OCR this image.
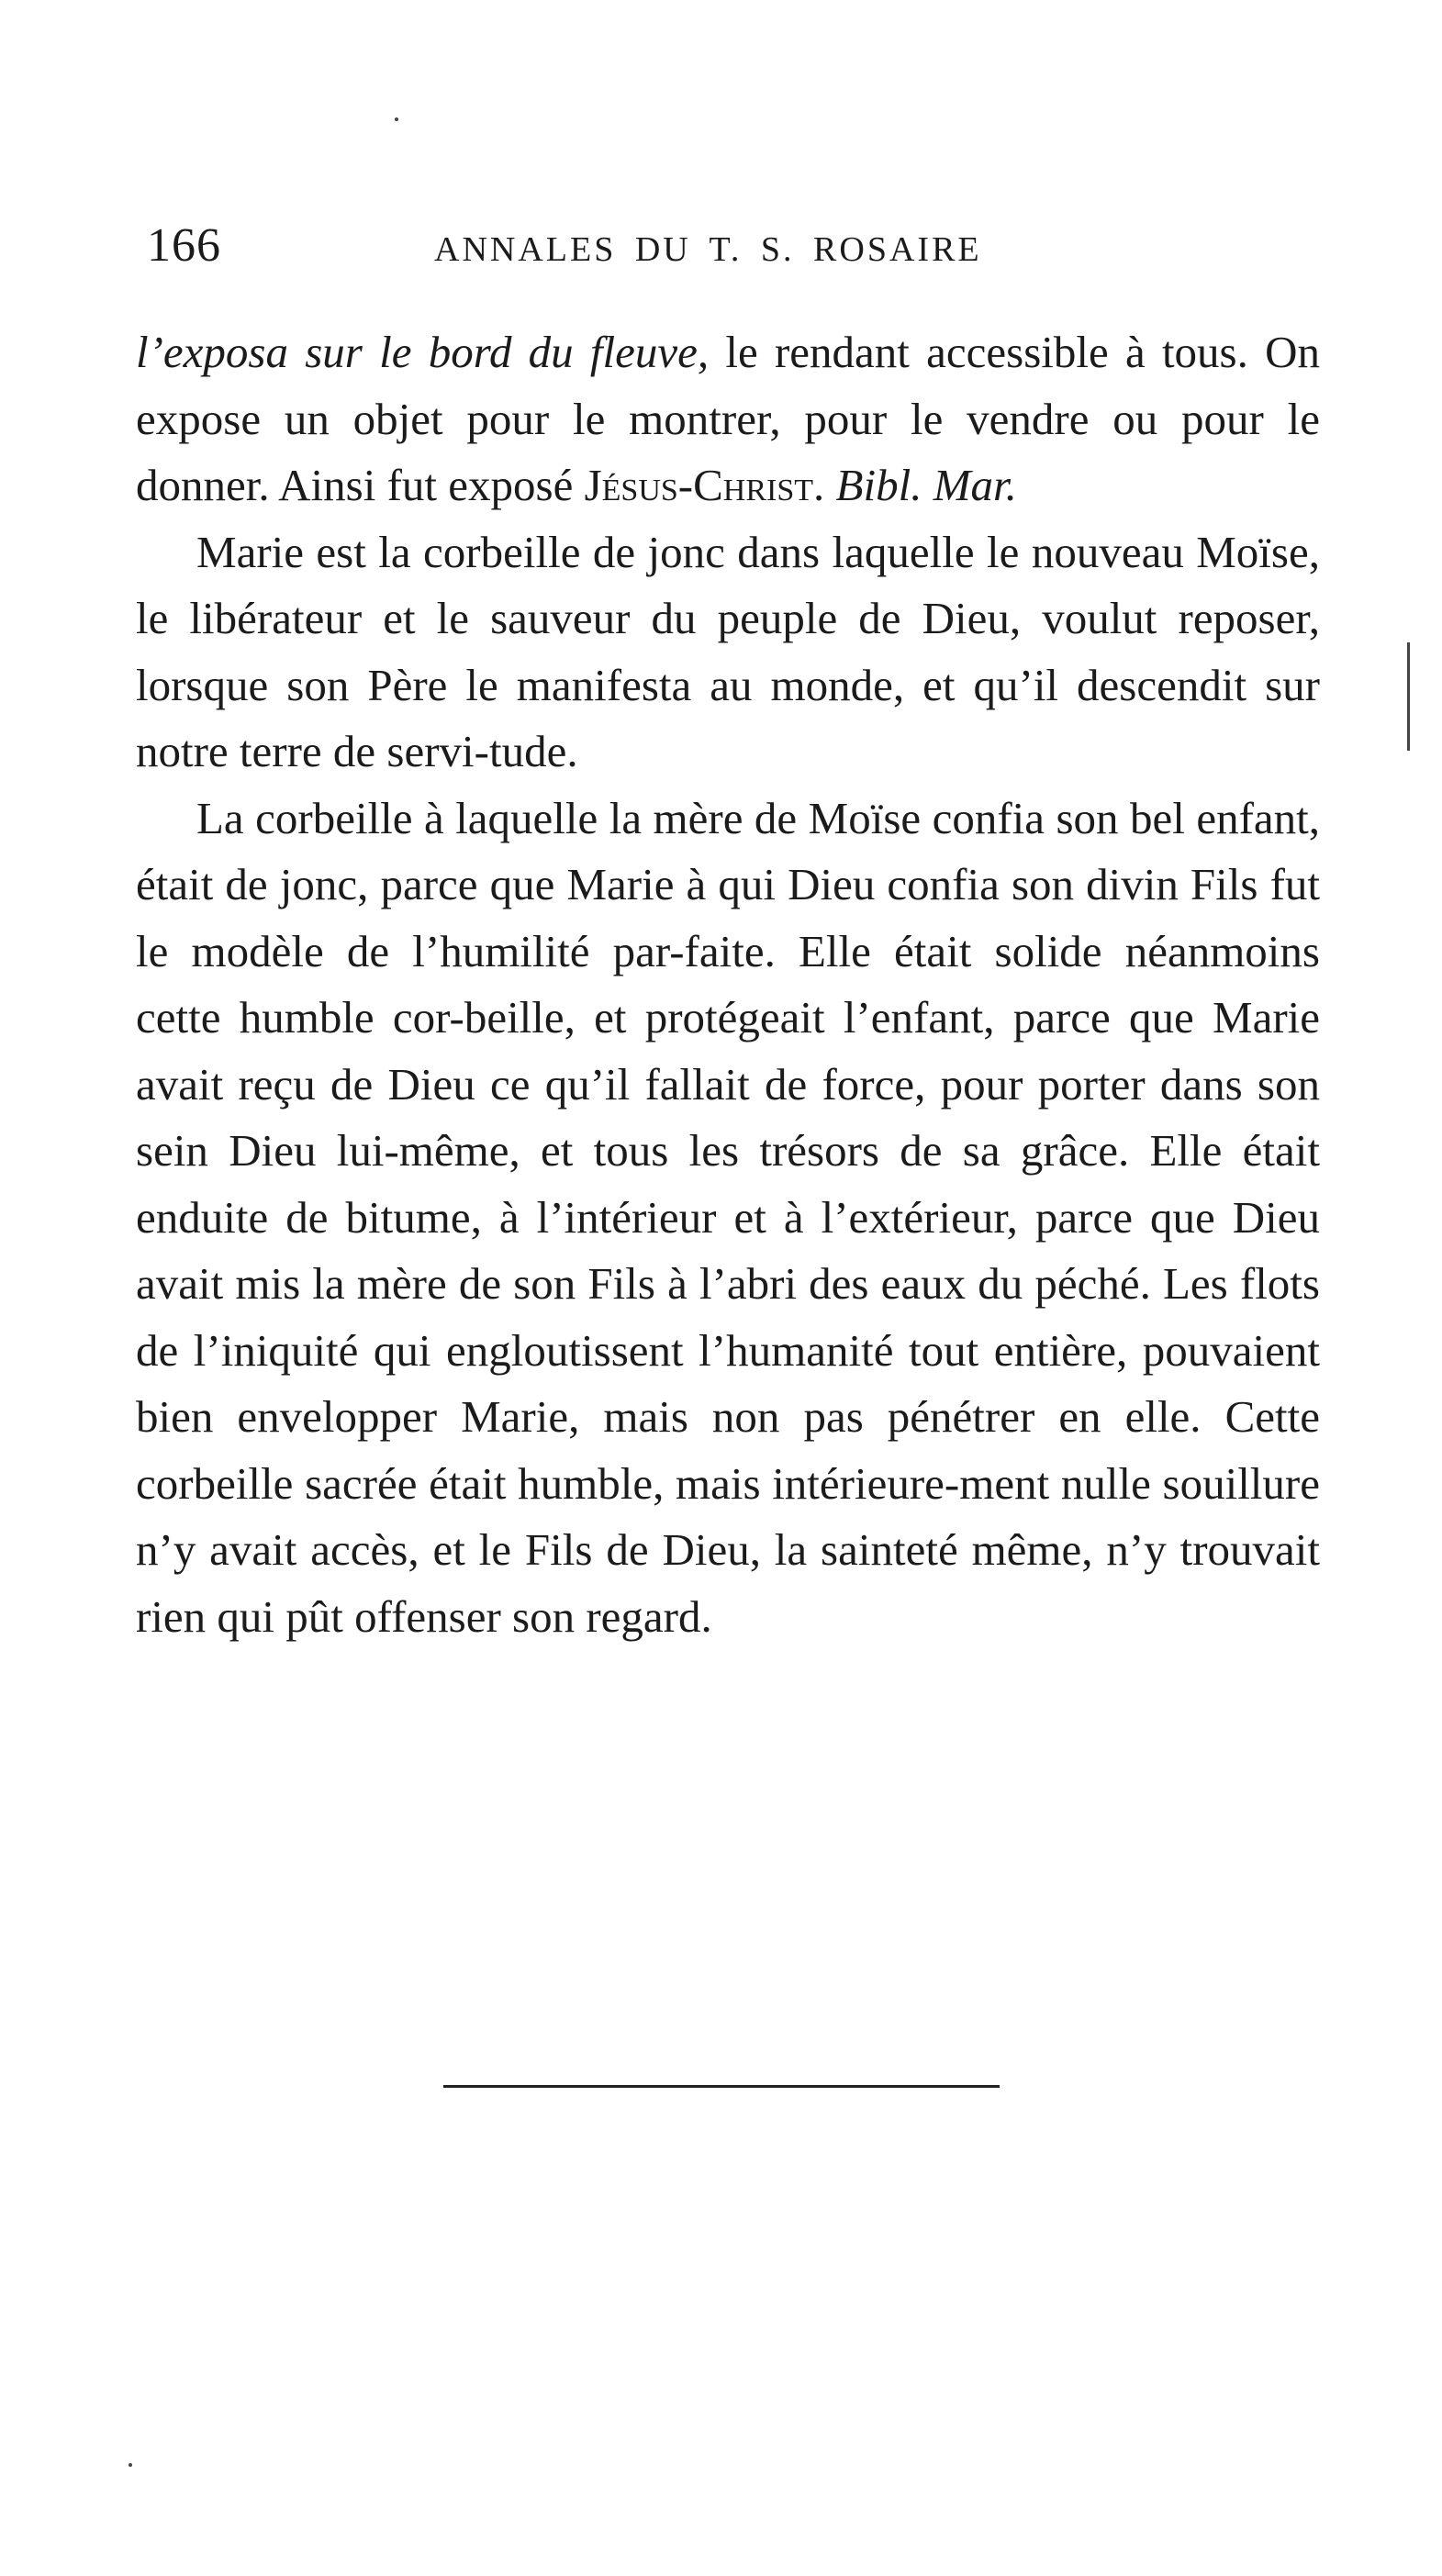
166	ANNALES DU T. S. ROSAIRE

l’exposa sur le bord du fleuve, le rendant accessible à tous. On expose un objet pour le montrer, pour le vendre ou pour le donner. Ainsi fut exposé Jésus-Christ. Bibl. Mar.

Marie est la corbeille de jonc dans laquelle le nouveau Moïse, le libérateur et le sauveur du peuple de Dieu, voulut reposer, lorsque son Père le manifesta au monde, et qu’il descendit sur notre terre de servi-tude.

La corbeille à laquelle la mère de Moïse confia son bel enfant, était de jonc, parce que Marie à qui Dieu confia son divin Fils fut le modèle de l’humilité par-faite. Elle était solide néanmoins cette humble cor-beille, et protégeait l’enfant, parce que Marie avait reçu de Dieu ce qu’il fallait de force, pour porter dans son sein Dieu lui-même, et tous les trésors de sa grâce. Elle était enduite de bitume, à l’intérieur et à l’extérieur, parce que Dieu avait mis la mère de son Fils à l’abri des eaux du péché. Les flots de l’iniquité qui engloutissent l’humanité tout entière, pouvaient bien envelopper Marie, mais non pas pénétrer en elle. Cette corbeille sacrée était humble, mais intérieure-ment nulle souillure n’y avait accès, et le Fils de Dieu, la sainteté même, n’y trouvait rien qui pût offenser son regard.
